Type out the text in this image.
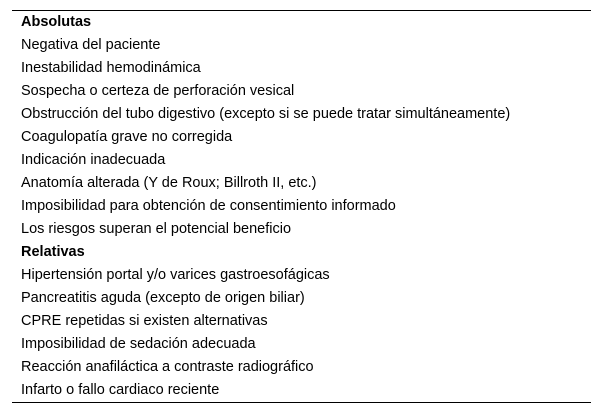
Absolutas
Negativa del paciente
Inestabilidad hemodinámica
Sospecha o certeza de perforación vesical
Obstrucción del tubo digestivo (excepto si se puede tratar simultáneamente)
Coagulopatía grave no corregida
Indicación inadecuada
Anatomía alterada (Y de Roux; Billroth II, etc.)
Imposibilidad para obtención de consentimiento informado
Los riesgos superan el potencial beneficio
Relativas
Hipertensión portal y/o varices gastroesofágicas
Pancreatitis aguda (excepto de origen biliar)
CPRE repetidas si existen alternativas
Imposibilidad de sedación adecuada
Reacción anafiláctica a contraste radiográfico
Infarto o fallo cardiaco reciente
